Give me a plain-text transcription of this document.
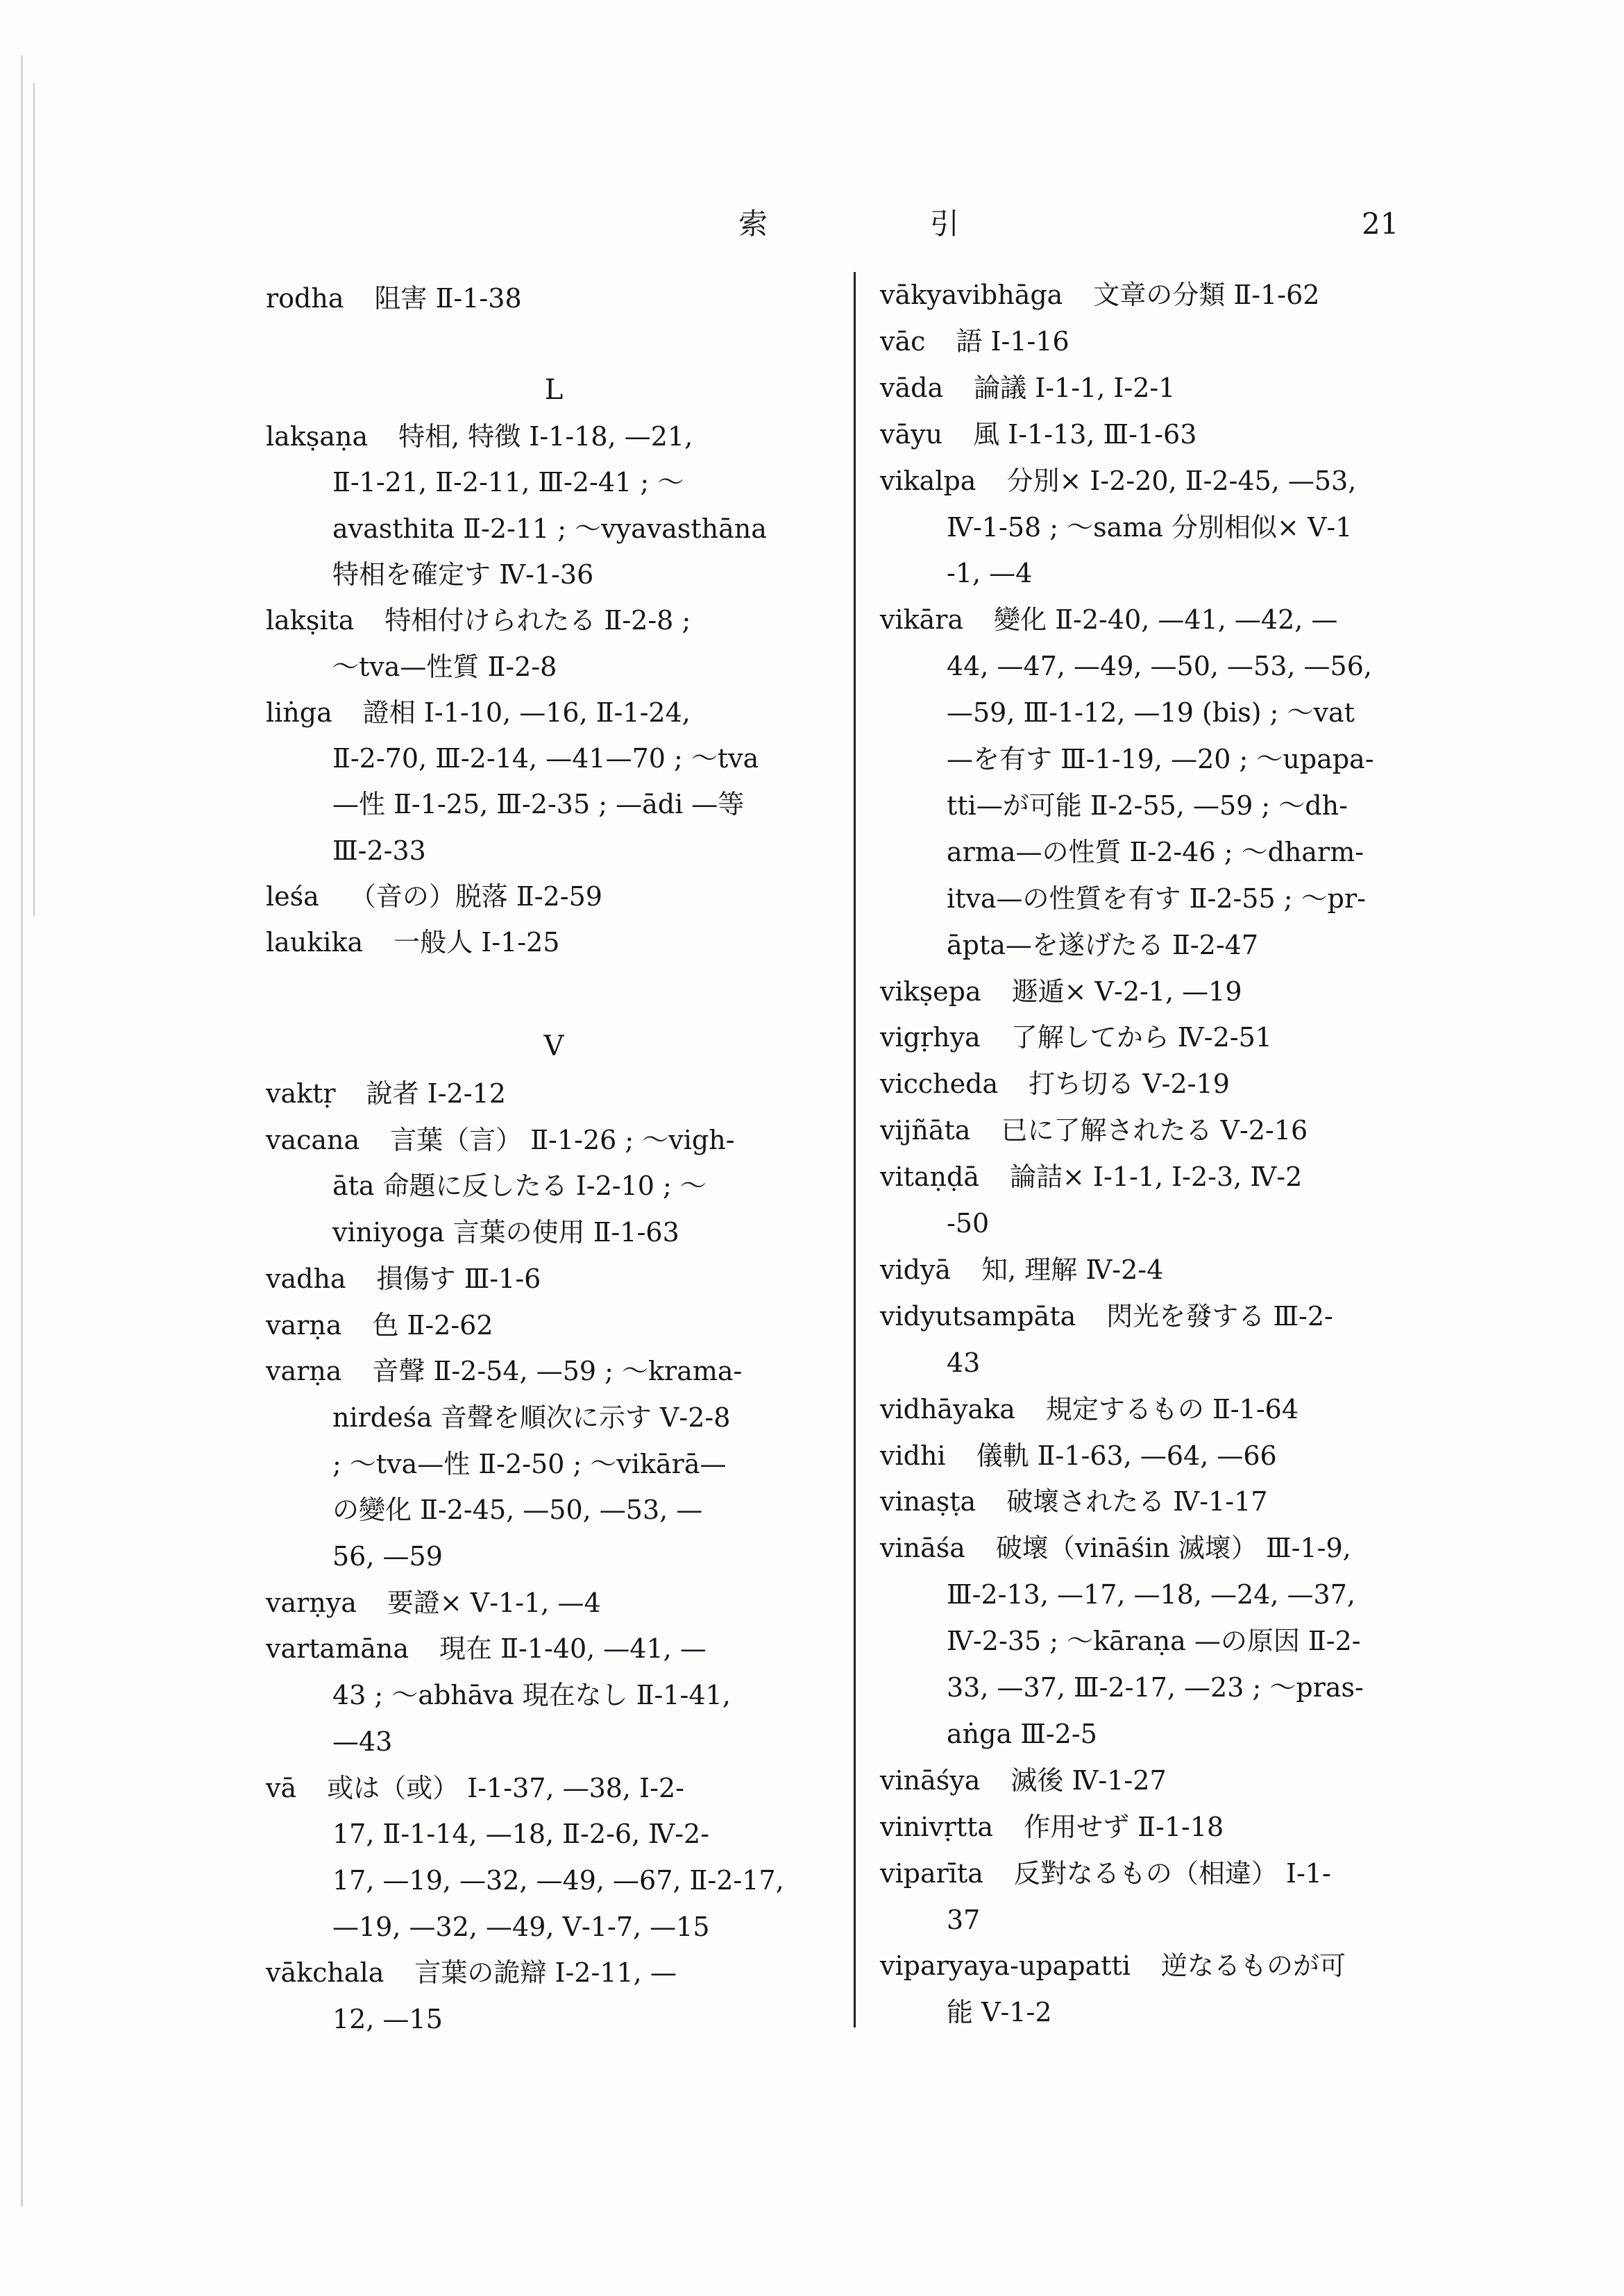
索	引	21
rodha 阻害 Ⅱ-1-38
L
lakṣaṇa 特相, 特徴 Ⅰ-1-18, —21,
Ⅱ-1-21, Ⅱ-2-11, Ⅲ-2-41 ; ～
avasthita Ⅱ-2-11 ; ～vyavasthāna
特相を確定す Ⅳ-1-36
lakṣita 特相付けられたる Ⅱ-2-8 ;
～tva—性質 Ⅱ-2-8
liṅga 證相 Ⅰ-1-10, —16, Ⅱ-1-24,
Ⅱ-2-70, Ⅲ-2-14, —41—70 ; ～tva
—性 Ⅱ-1-25, Ⅲ-2-35 ; —ādi —等
Ⅲ-2-33
leśa （音の）脱落 Ⅱ-2-59
laukika 一般人 Ⅰ-1-25
V
vaktṛ 說者 Ⅰ-2-12
vacana 言葉（言） Ⅱ-1-26 ; ～vigh-
āta 命題に反したる Ⅰ-2-10 ; ～
viniyoga 言葉の使用 Ⅱ-1-63
vadha 損傷す Ⅲ-1-6
varṇa 色 Ⅱ-2-62
varṇa 音聲 Ⅱ-2-54, —59 ; ～krama-
nirdeśa 音聲を順次に示す Ⅴ-2-8
; ～tva—性 Ⅱ-2-50 ; ～vikārā—
の變化 Ⅱ-2-45, —50, —53, —
56, —59
varṇya 要證× Ⅴ-1-1, —4
vartamāna 現在 Ⅱ-1-40, —41, —
43 ; ～abhāva 現在なし Ⅱ-1-41,
—43
vā 或は（或） Ⅰ-1-37, —38, Ⅰ-2-
17, Ⅱ-1-14, —18, Ⅱ-2-6, Ⅳ-2-
17, —19, —32, —49, —67, Ⅱ-2-17,
—19, —32, —49, Ⅴ-1-7, —15
vākchala 言葉の詭辯 Ⅰ-2-11, —
12, —15
vākyavibhāga 文章の分類 Ⅱ-1-62
vāc 語 Ⅰ-1-16
vāda 論議 Ⅰ-1-1, Ⅰ-2-1
vāyu 風 Ⅰ-1-13, Ⅲ-1-63
vikalpa 分別× Ⅰ-2-20, Ⅱ-2-45, —53,
Ⅳ-1-58 ; ～sama 分別相似× Ⅴ-1
-1, —4
vikāra 變化 Ⅱ-2-40, —41, —42, —
44, —47, —49, —50, —53, —56,
—59, Ⅲ-1-12, —19 (bis) ; ～vat
—を有す Ⅲ-1-19, —20 ; ～upapa-
tti—が可能 Ⅱ-2-55, —59 ; ～dh-
arma—の性質 Ⅱ-2-46 ; ～dharm-
itva—の性質を有す Ⅱ-2-55 ; ～pr-
āpta—を遂げたる Ⅱ-2-47
vikṣepa 遯遁× Ⅴ-2-1, —19
vigṛhya 了解してから Ⅳ-2-51
viccheda 打ち切る Ⅴ-2-19
vijñāta 已に了解されたる Ⅴ-2-16
vitaṇḍā 論詰× Ⅰ-1-1, Ⅰ-2-3, Ⅳ-2
-50
vidyā 知, 理解 Ⅳ-2-4
vidyutsampāta 閃光を發する Ⅲ-2-
43
vidhāyaka 規定するもの Ⅱ-1-64
vidhi 儀軌 Ⅱ-1-63, —64, —66
vinaṣṭa 破壞されたる Ⅳ-1-17
vināśa 破壞（vināśin 滅壞） Ⅲ-1-9,
Ⅲ-2-13, —17, —18, —24, —37,
Ⅳ-2-35 ; ～kāraṇa —の原因 Ⅱ-2-
33, —37, Ⅲ-2-17, —23 ; ～pras-
aṅga Ⅲ-2-5
vināśya 滅後 Ⅳ-1-27
vinivṛtta 作用せず Ⅱ-1-18
viparīta 反對なるもの（相違） Ⅰ-1-
37
viparyaya-upapatti 逆なるものが可
能 Ⅴ-1-2
